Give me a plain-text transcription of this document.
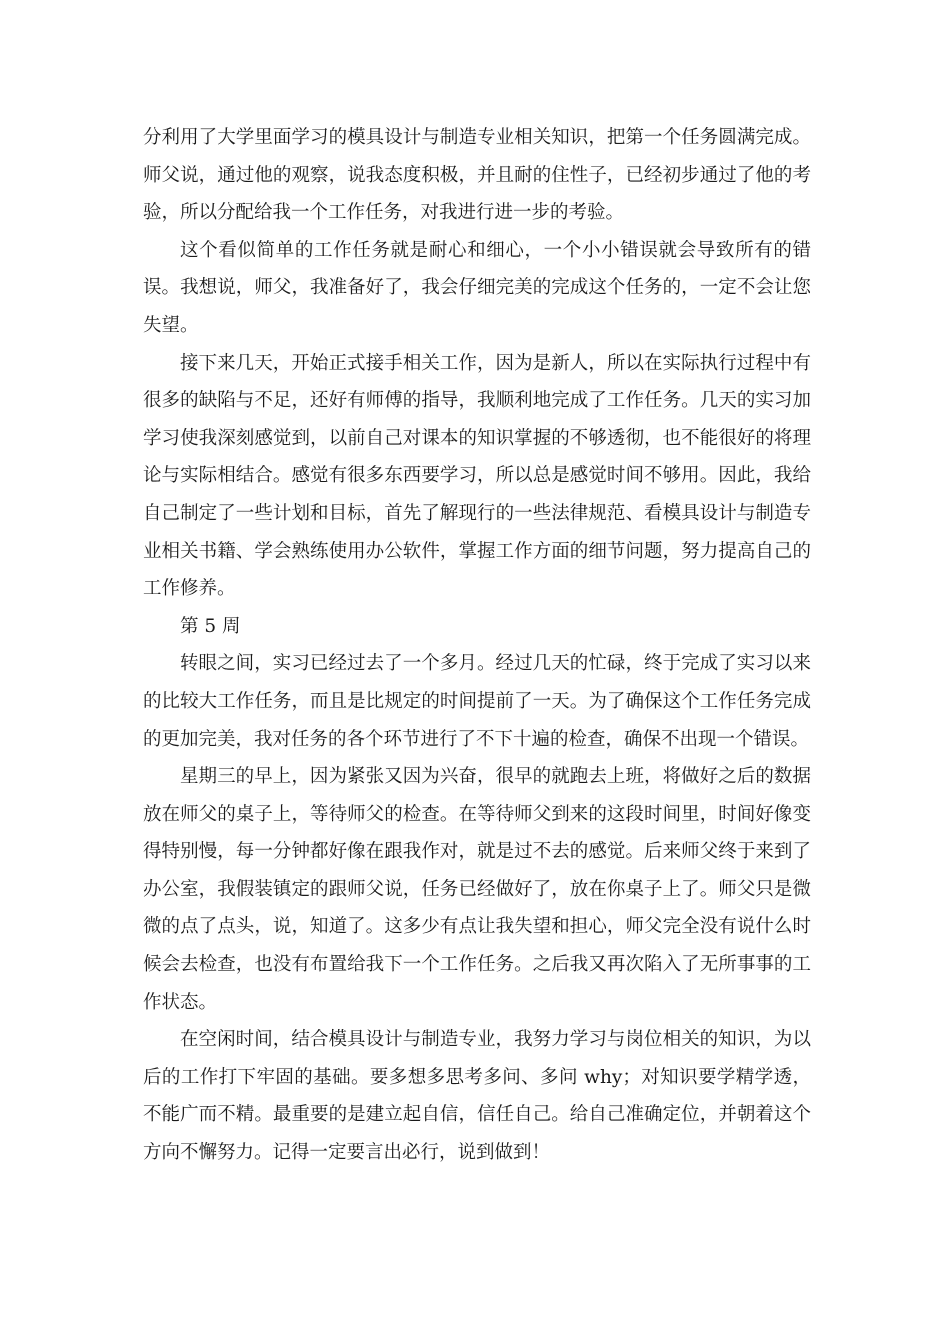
分利用了大学里面学习的模具设计与制造专业相关知识，把第一个任务圆满完成。师父说，通过他的观察，说我态度积极，并且耐的住性子，已经初步通过了他的考验，所以分配给我一个工作任务，对我进行进一步的考验。

这个看似简单的工作任务就是耐心和细心，一个小小错误就会导致所有的错误。我想说，师父，我准备好了，我会仔细完美的完成这个任务的，一定不会让您失望。

接下来几天，开始正式接手相关工作，因为是新人，所以在实际执行过程中有很多的缺陷与不足，还好有师傅的指导，我顺利地完成了工作任务。几天的实习加学习使我深刻感觉到，以前自己对课本的知识掌握的不够透彻，也不能很好的将理论与实际相结合。感觉有很多东西要学习，所以总是感觉时间不够用。因此，我给自己制定了一些计划和目标，首先了解现行的一些法律规范、看模具设计与制造专业相关书籍、学会熟练使用办公软件，掌握工作方面的细节问题，努力提高自己的工作修养。

第 5 周

转眼之间，实习已经过去了一个多月。经过几天的忙碌，终于完成了实习以来的比较大工作任务，而且是比规定的时间提前了一天。为了确保这个工作任务完成的更加完美，我对任务的各个环节进行了不下十遍的检查，确保不出现一个错误。

星期三的早上，因为紧张又因为兴奋，很早的就跑去上班，将做好之后的数据放在师父的桌子上，等待师父的检查。在等待师父到来的这段时间里，时间好像变得特别慢，每一分钟都好像在跟我作对，就是过不去的感觉。后来师父终于来到了办公室，我假装镇定的跟师父说，任务已经做好了，放在你桌子上了。师父只是微微的点了点头，说，知道了。这多少有点让我失望和担心，师父完全没有说什么时候会去检查，也没有布置给我下一个工作任务。之后我又再次陷入了无所事事的工作状态。

在空闲时间，结合模具设计与制造专业，我努力学习与岗位相关的知识，为以后的工作打下牢固的基础。要多想多思考多问、多问 why；对知识要学精学透，不能广而不精。最重要的是建立起自信，信任自己。给自己准确定位，并朝着这个方向不懈努力。记得一定要言出必行，说到做到！
